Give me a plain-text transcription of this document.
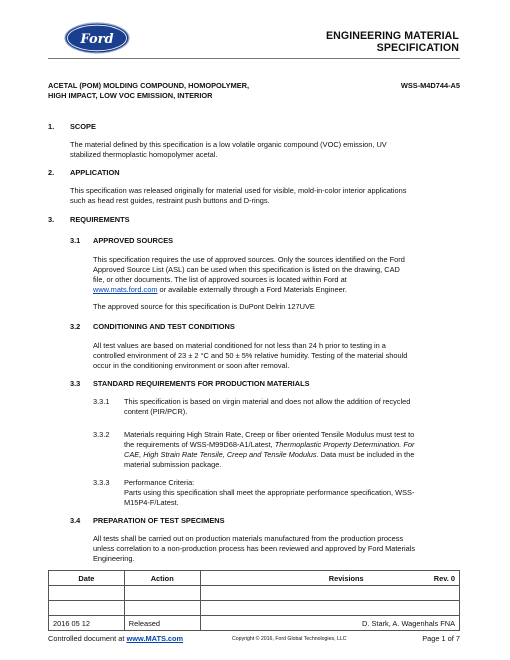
Ford	ENGINEERING MATERIAL SPECIFICATION
ACETAL (POM) MOLDING COMPOUND, HOMOPOLYMER,
HIGH IMPACT, LOW VOC EMISSION, INTERIOR
WSS-M4D744-A5
1. SCOPE
The material defined by this specification is a low volatile organic compound (VOC) emission, UV
stabilized thermoplastic homopolymer acetal.
2. APPLICATION
This specification was released originally for material used for visible, mold-in-color interior applications
such as head rest guides, restraint push buttons and D-rings.
3. REQUIREMENTS
3.1 APPROVED SOURCES
This specification requires the use of approved sources. Only the sources identified on the Ford
Approved Source List (ASL) can be used when this specification is listed on the drawing, CAD
file, or other documents. The list of approved sources is located within Ford at
www.mats.ford.com or available externally through a Ford Materials Engineer.
The approved source for this specification is DuPont Delrin 127UVE
3.2 CONDITIONING AND TEST CONDITIONS
All test values are based on material conditioned for not less than 24 h prior to testing in a
controlled environment of 23 ± 2 °C and 50 ± 5% relative humidity. Testing of the material should
occur in the conditioning environment or soon after removal.
3.3 STANDARD REQUIREMENTS FOR PRODUCTION MATERIALS
3.3.1 This specification is based on virgin material and does not allow the addition of recycled
content (PIR/PCR).
3.3.2 Materials requiring High Strain Rate, Creep or fiber oriented Tensile Modulus must test to
the requirements of WSS-M99D68-A1/Latest, Thermoplastic Property Determination. For
CAE, High Strain Rate Tensile, Creep and Tensile Modulus. Data must be included in the
material submission package.
3.3.3 Performance Criteria:
Parts using this specification shall meet the appropriate performance specification, WSS-
M15P4-F/Latest.
3.4 PREPARATION OF TEST SPECIMENS
All tests shall be carried out on production materials manufactured from the production process
unless correlation to a non-production process has been reviewed and approved by Ford Materials
Engineering.
Date	Action	Revisions	Rev. 0

2016 05 12	Released	D. Stark, A. Wagenhals FNA	
Controlled document at www.MATS.com	Copyright © 2016, Ford Global Technologies, LLC	Page 1 of 7
